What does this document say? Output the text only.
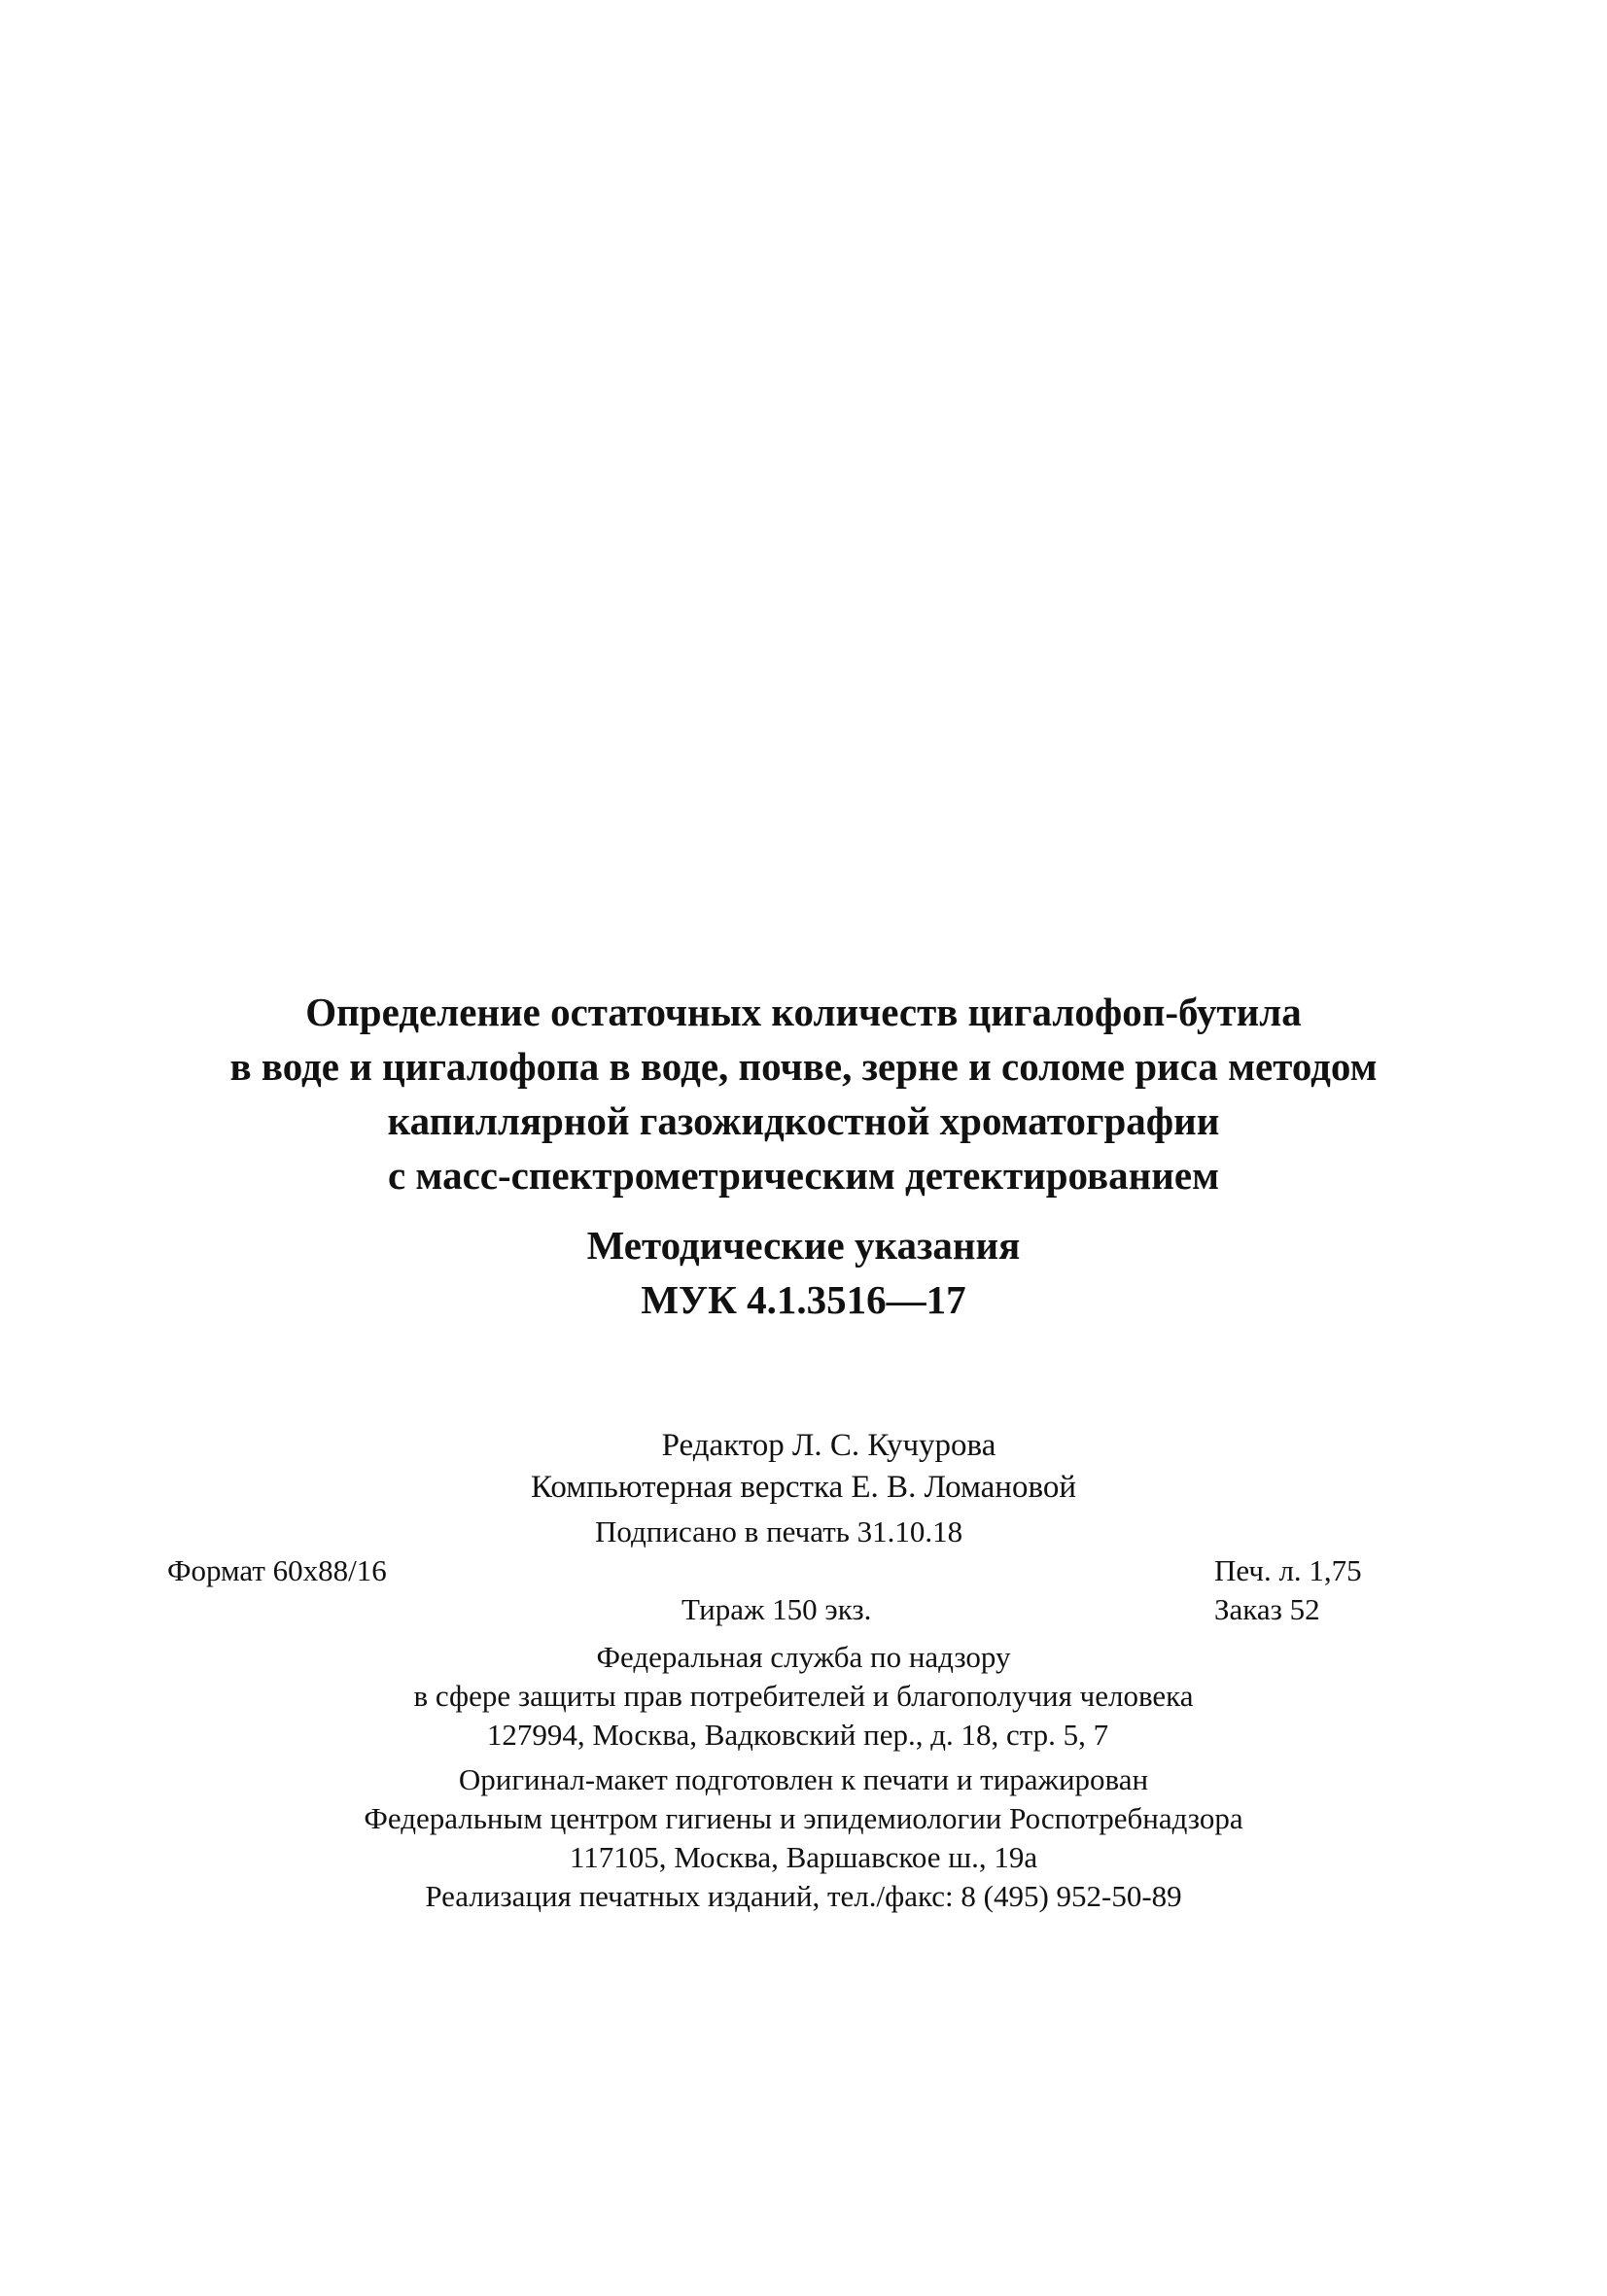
Определение остаточных количеств цигалофоп-бутила
в воде и цигалофопа в воде, почве, зерне и соломе риса методом
капиллярной газожидкостной хроматографии
с масс-спектрометрическим детектированием
Методические указания
МУК 4.1.3516—17
Редактор Л. С. Кучурова
Компьютерная верстка Е. В. Ломановой
Подписано в печать 31.10.18
Формат 60x88/16	Печ. л. 1,75
Тираж 150 экз.	Заказ 52
Федеральная служба по надзору
в сфере защиты прав потребителей и благополучия человека
127994, Москва, Вадковский пер., д. 18, стр. 5, 7
Оригинал-макет подготовлен к печати и тиражирован
Федеральным центром гигиены и эпидемиологии Роспотребнадзора
117105, Москва, Варшавское ш., 19а
Реализация печатных изданий, тел./факс: 8 (495) 952-50-89
